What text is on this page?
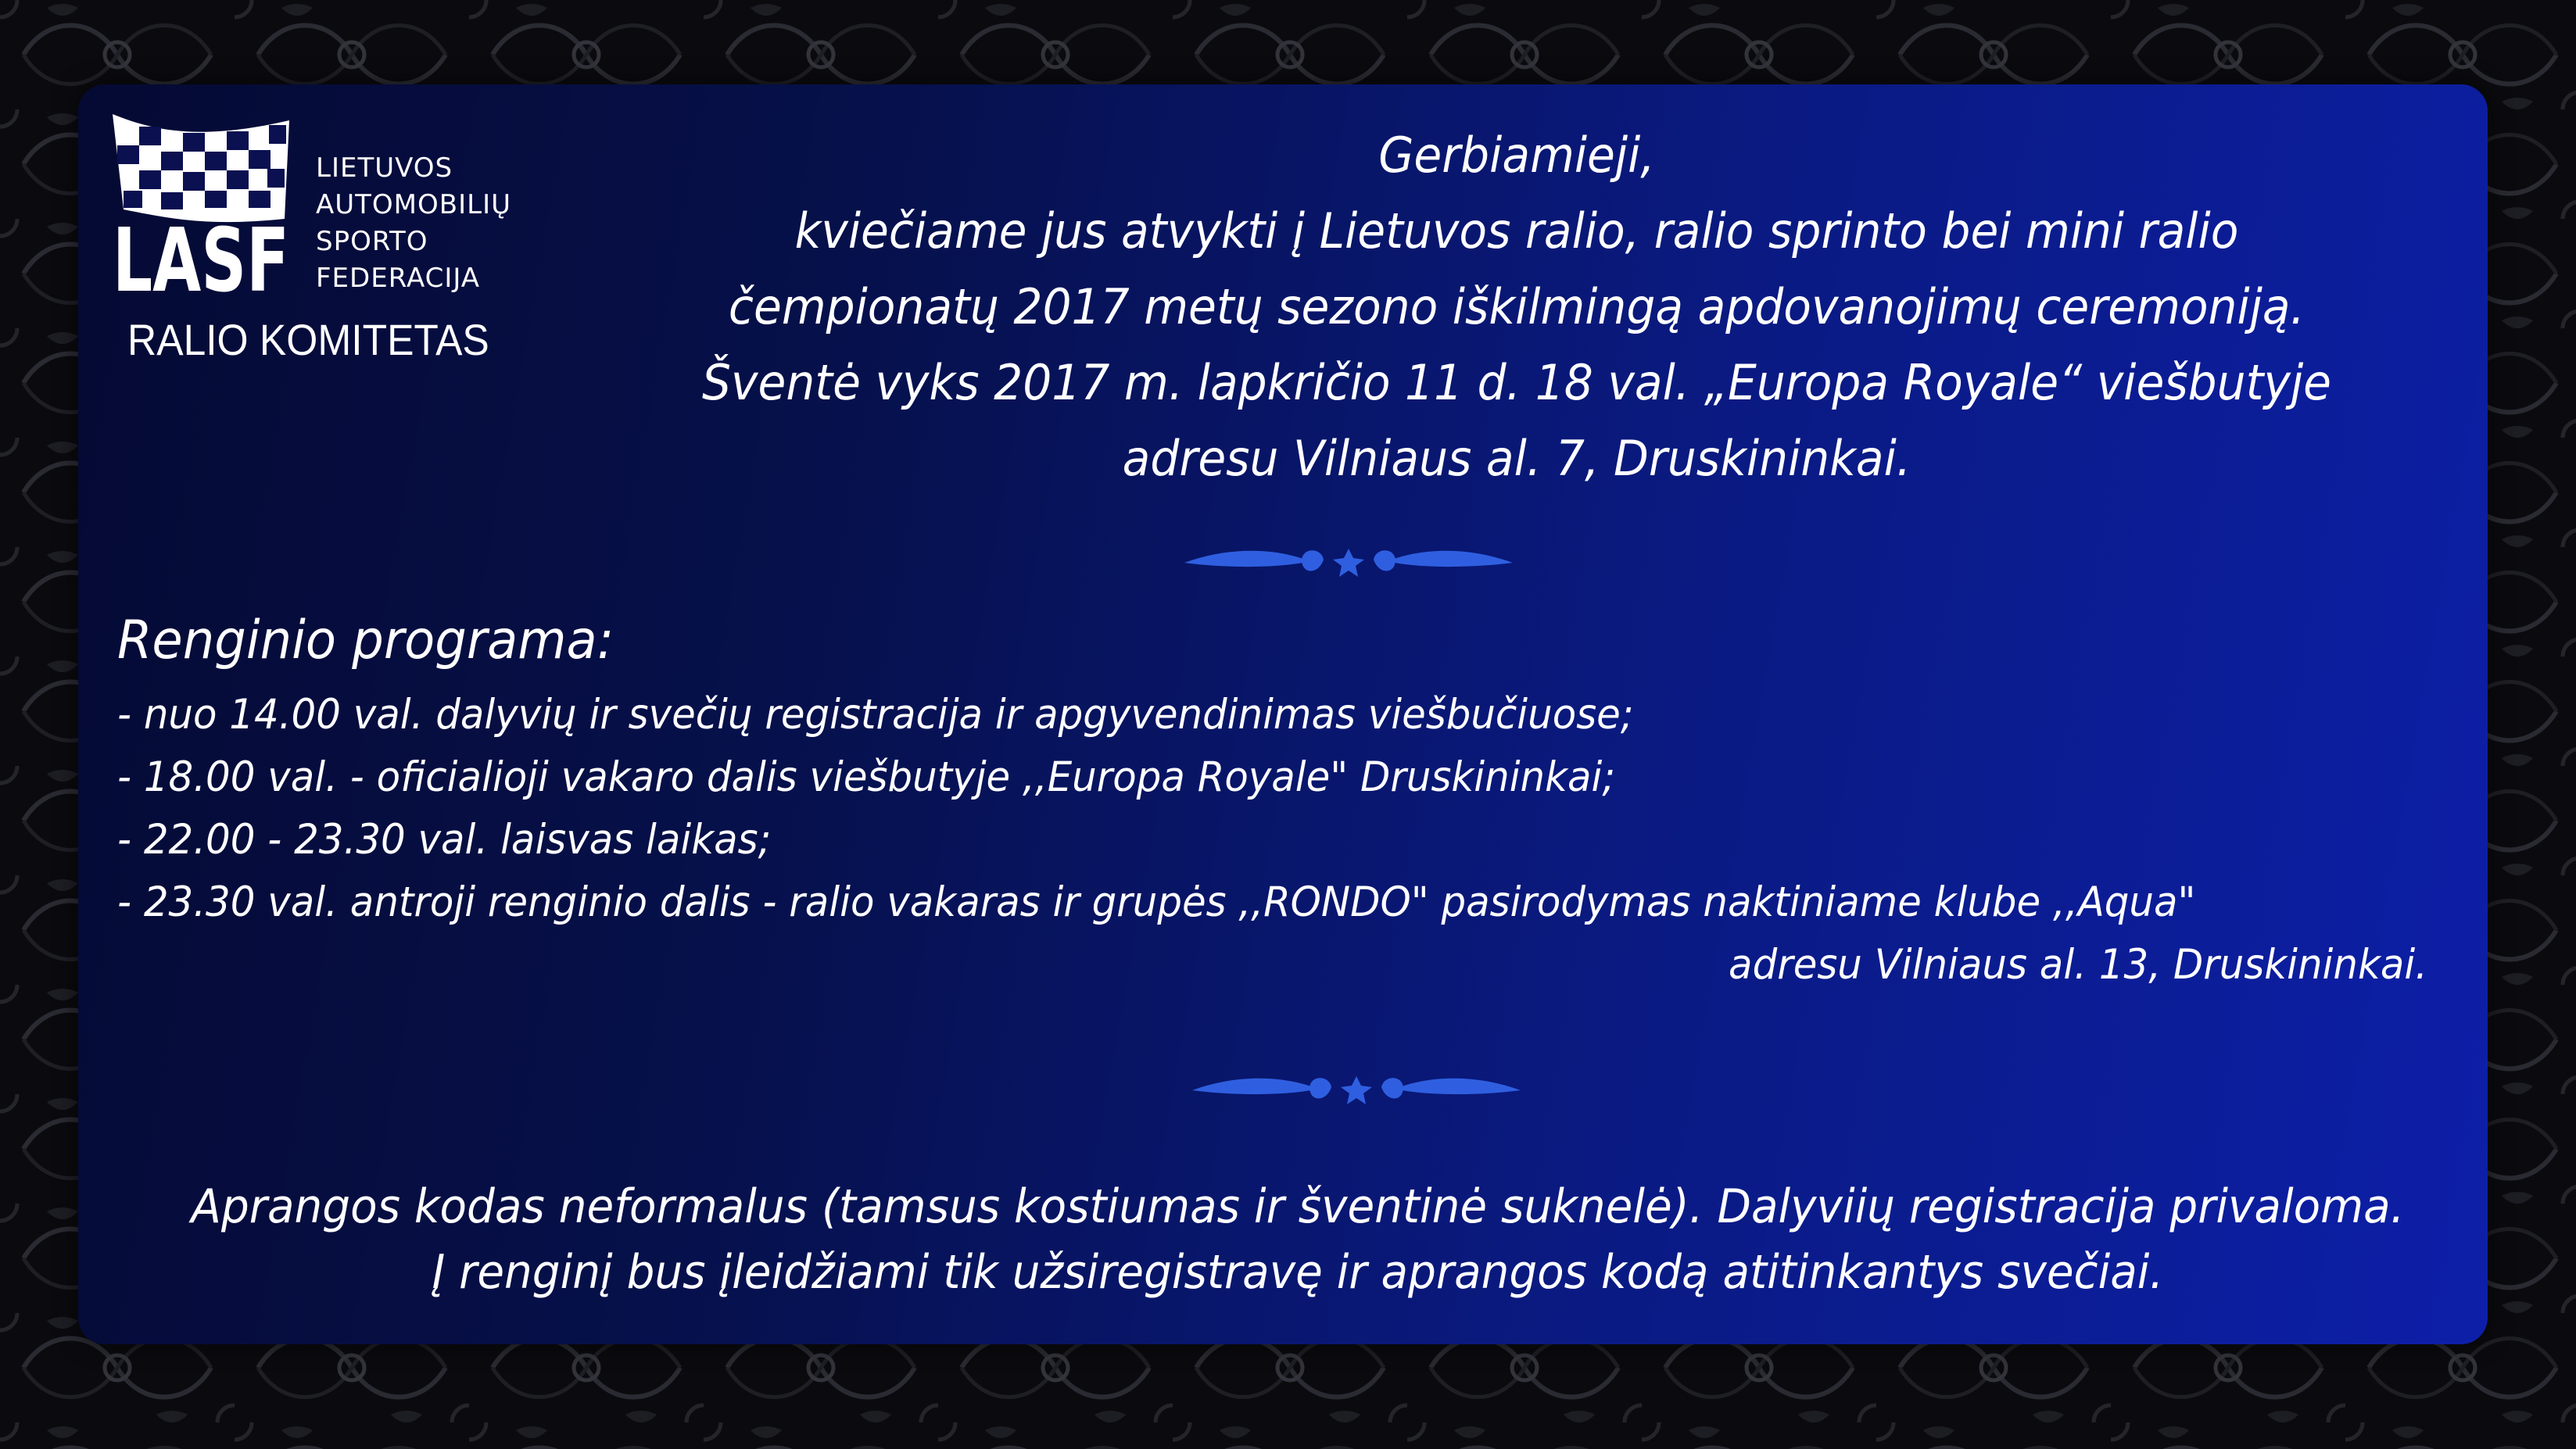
LASF
LIETUVOS
AUTOMOBILIŲ
SPORTO
FEDERACIJA
RALIO KOMITETAS
Gerbiamieji,
kviečiame jus atvykti į Lietuvos ralio, ralio sprinto bei mini ralio
čempionatų 2017 metų sezono iškilmingą apdovanojimų ceremoniją.
Šventė vyks 2017 m. lapkričio 11 d. 18 val. „Europa Royale“ viešbutyje
adresu Vilniaus al. 7, Druskininkai.
Renginio programa:
- nuo 14.00 val. dalyvių ir svečių registracija ir apgyvendinimas viešbučiuose;
- 18.00 val. - oficialioji vakaro dalis viešbutyje ,,Europa Royale" Druskininkai;
- 22.00 - 23.30 val. laisvas laikas;
- 23.30 val. antroji renginio dalis - ralio vakaras ir grupės ,,RONDO" pasirodymas naktiniame klube ,,Aqua"
adresu Vilniaus al. 13, Druskininkai.
Aprangos kodas neformalus (tamsus kostiumas ir šventinė suknelė). Dalyviių registracija privaloma.
Į renginį bus įleidžiami tik užsiregistravę ir aprangos kodą atitinkantys svečiai.
